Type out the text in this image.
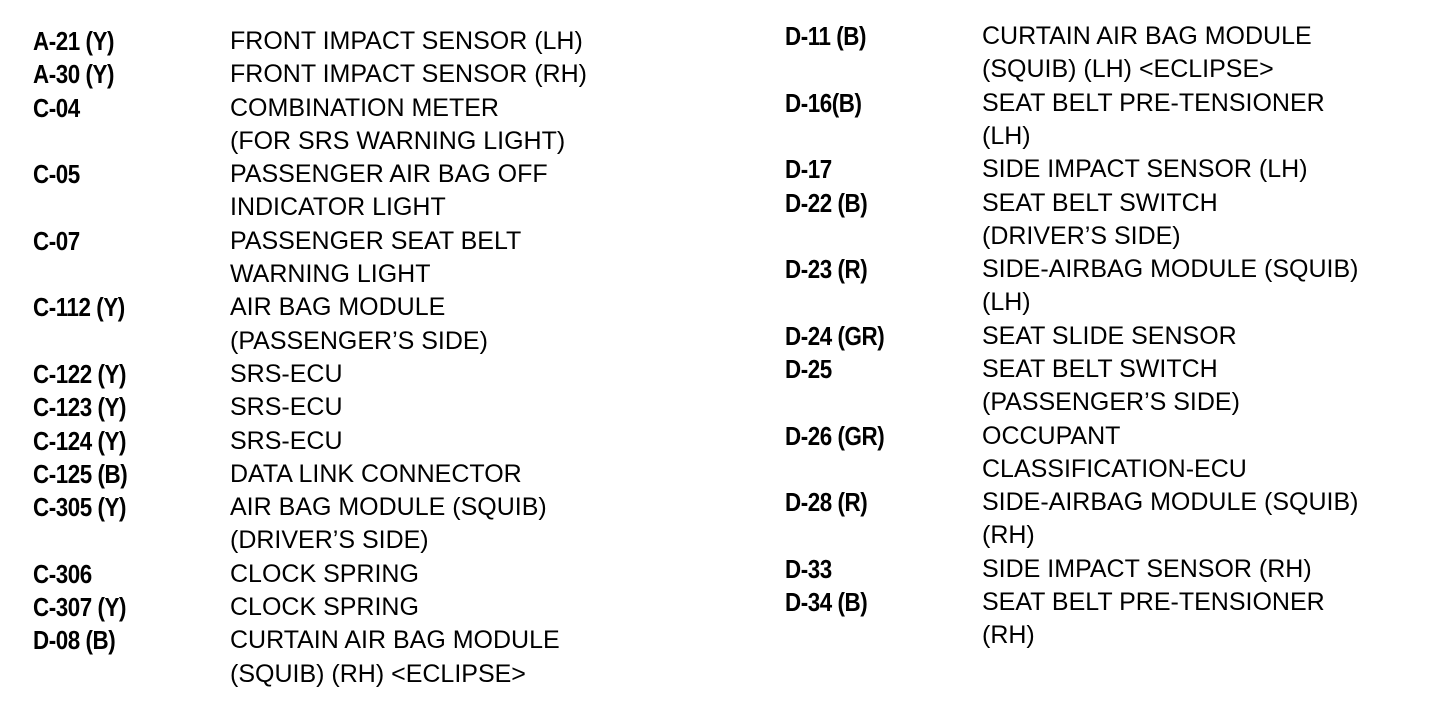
A-21 (Y)	FRONT IMPACT SENSOR (LH)
A-30 (Y)	FRONT IMPACT SENSOR (RH)
C-04	COMBINATION METER
(FOR SRS WARNING LIGHT)
C-05	PASSENGER AIR BAG OFF
INDICATOR LIGHT
C-07	PASSENGER SEAT BELT
WARNING LIGHT
C-112 (Y)	AIR BAG MODULE
(PASSENGER’S SIDE)
C-122 (Y)	SRS-ECU
C-123 (Y)	SRS-ECU
C-124 (Y)	SRS-ECU
C-125 (B)	DATA LINK CONNECTOR
C-305 (Y)	AIR BAG MODULE (SQUIB)
(DRIVER’S SIDE)
C-306	CLOCK SPRING
C-307 (Y)	CLOCK SPRING
D-08 (B)	CURTAIN AIR BAG MODULE
(SQUIB) (RH) <ECLIPSE>
D-11 (B)	CURTAIN AIR BAG MODULE
(SQUIB) (LH) <ECLIPSE>
D-16(B)	SEAT BELT PRE-TENSIONER
(LH)
D-17	SIDE IMPACT SENSOR (LH)
D-22 (B)	SEAT BELT SWITCH
(DRIVER’S SIDE)
D-23 (R)	SIDE-AIRBAG MODULE (SQUIB)
(LH)
D-24 (GR)	SEAT SLIDE SENSOR
D-25	SEAT BELT SWITCH
(PASSENGER’S SIDE)
D-26 (GR)	OCCUPANT
CLASSIFICATION-ECU
D-28 (R)	SIDE-AIRBAG MODULE (SQUIB)
(RH)
D-33	SIDE IMPACT SENSOR (RH)
D-34 (B)	SEAT BELT PRE-TENSIONER
(RH)
